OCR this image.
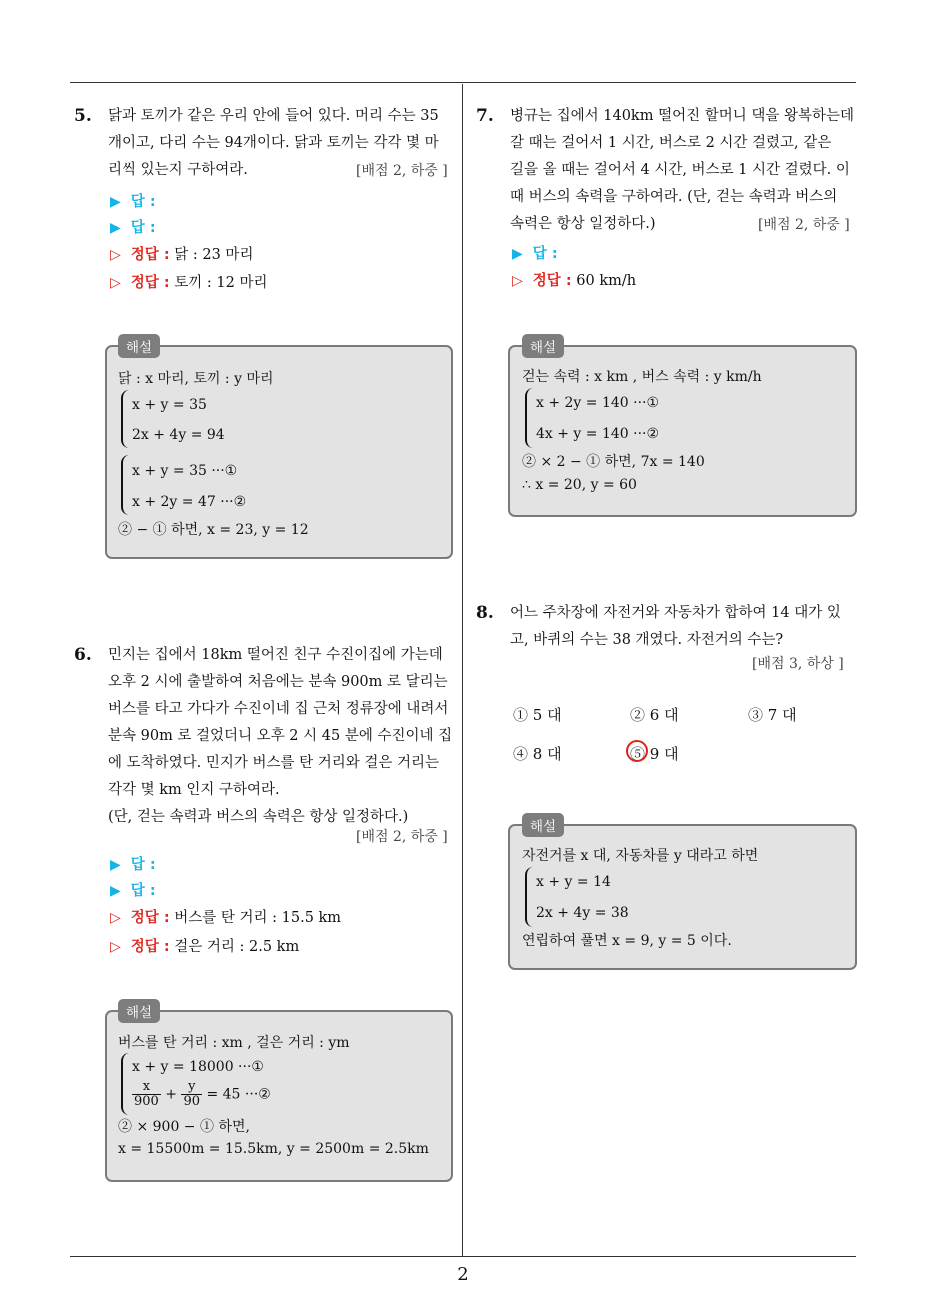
2
5. 닭과 토끼가 같은 우리 안에 들어 있다. 머리 수는 35
개이고, 다리 수는 94개이다. 닭과 토끼는 각각 몇 마
리씩 있는지 구하여라.	[배점 2, 하중 ]
▶ 답 :
▶ 답 :
▷ 정답 : 닭 : 23 마리
▷ 정답 : 토끼 : 12 마리
해설
닭 : x 마리, 토끼 : y 마리
x + y = 35
2x + 4y = 94
x + y = 35 ···①
x + 2y = 47 ···②
② − ① 하면, x = 23, y = 12
6. 민지는 집에서 18km 떨어진 친구 수진이집에 가는데
오후 2 시에 출발하여 처음에는 분속 900m 로 달리는
버스를 타고 가다가 수진이네 집 근처 정류장에 내려서
분속 90m 로 걸었더니 오후 2 시 45 분에 수진이네 집
에 도착하였다. 민지가 버스를 탄 거리와 걸은 거리는
각각 몇 km 인지 구하여라.
(단, 걷는 속력과 버스의 속력은 항상 일정하다.)
[배점 2, 하중 ]
▶ 답 :
▶ 답 :
▷ 정답 : 버스를 탄 거리 : 15.5 km
▷ 정답 : 걸은 거리 : 2.5 km
해설
버스를 탄 거리 : xm , 걸은 거리 : ym
x + y = 18000 ···①
$\frac{x}{900} + \frac{y}{90} = 45$ ···②
② × 900 − ① 하면,
x = 15500m = 15.5km, y = 2500m = 2.5km
7. 병규는 집에서 140km 떨어진 할머니 댁을 왕복하는데
갈 때는 걸어서 1 시간, 버스로 2 시간 걸렸고, 같은
길을 올 때는 걸어서 4 시간, 버스로 1 시간 걸렸다. 이
때 버스의 속력을 구하여라. (단, 걷는 속력과 버스의
속력은 항상 일정하다.)	[배점 2, 하중 ]
▶ 답 :
▷ 정답 : 60 km/h
해설
걷는 속력 : x km , 버스 속력 : y km/h
x + 2y = 140 ···①
4x + y = 140 ···②
② × 2 − ① 하면, 7x = 140
∴ x = 20, y = 60
8. 어느 주차장에 자전거와 자동차가 합하여 14 대가 있
고, 바퀴의 수는 38 개였다. 자전거의 수는?
[배점 3, 하상 ]
① 5 대	② 6 대	③ 7 대
④ 8 대	⑤ 9 대
해설
자전거를 x 대, 자동차를 y 대라고 하면
x + y = 14
2x + 4y = 38
연립하여 풀면 x = 9, y = 5 이다.
